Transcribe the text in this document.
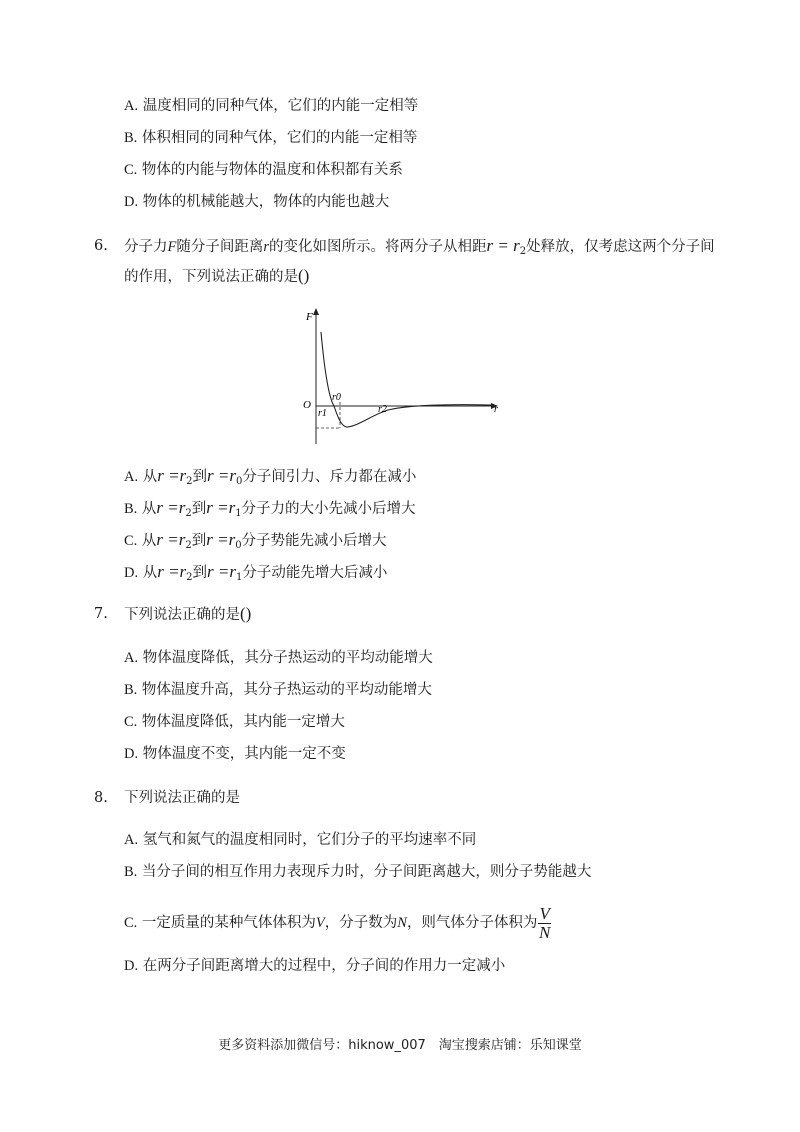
A. 温度相同的同种气体，它们的内能一定相等
B. 体积相同的同种气体，它们的内能一定相等
C. 物体的内能与物体的温度和体积都有关系
D. 物体的机械能越大，物体的内能也越大
6. 分子力F随分子间距离r的变化如图所示。将两分子从相距$r = r_2$处释放，仅考虑这两个分子间
的作用，下列说法正确的是()
F
r
O
r0
r1	r2
A. 从$r =r_2$到$r =r_0$分子间引力、斥力都在减小
B. 从$r =r_2$到$r =r_1$分子力的大小先减小后增大
C. 从$r =r_2$到$r =r_0$分子势能先减小后增大
D. 从$r =r_2$到$r =r_1$分子动能先增大后减小
7. 下列说法正确的是()
A. 物体温度降低，其分子热运动的平均动能增大
B. 物体温度升高，其分子热运动的平均动能增大
C. 物体温度降低，其内能一定增大
D. 物体温度不变，其内能一定不变
8. 下列说法正确的是
A. 氢气和氮气的温度相同时，它们分子的平均速率不同
B. 当分子间的相互作用力表现斥力时，分子间距离越大，则分子势能越大
C. 一定质量的某种气体体积为V，分子数为N，则气体分子体积为 $\frac{V}{N}$
D. 在两分子间距离增大的过程中，分子间的作用力一定减小
更多资料添加微信号：hiknow_007　淘宝搜索店铺：乐知课堂
